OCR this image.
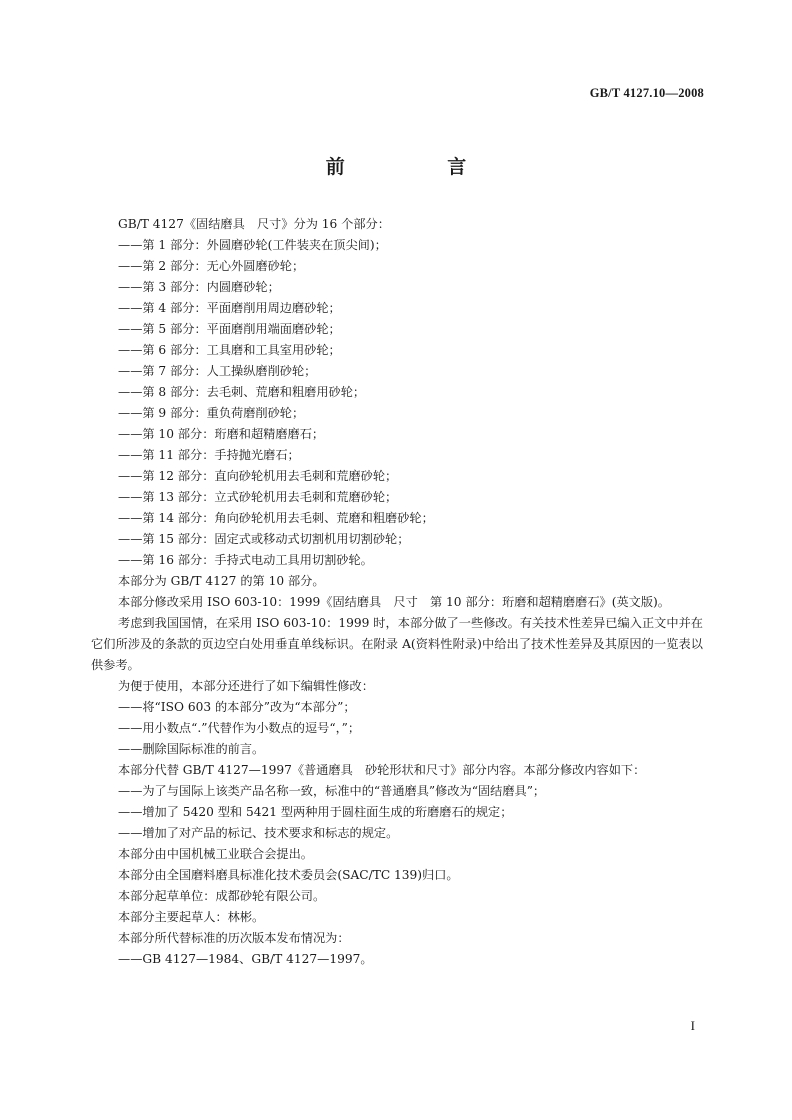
GB/T 4127.10—2008
前 言
GB/T 4127《固结磨具　尺寸》分为 16 个部分：
——第 1 部分：外圆磨砂轮(工件装夹在顶尖间)；
——第 2 部分：无心外圆磨砂轮；
——第 3 部分：内圆磨砂轮；
——第 4 部分：平面磨削用周边磨砂轮；
——第 5 部分：平面磨削用端面磨砂轮；
——第 6 部分：工具磨和工具室用砂轮；
——第 7 部分：人工操纵磨削砂轮；
——第 8 部分：去毛刺、荒磨和粗磨用砂轮；
——第 9 部分：重负荷磨削砂轮；
——第 10 部分：珩磨和超精磨磨石；
——第 11 部分：手持抛光磨石；
——第 12 部分：直向砂轮机用去毛刺和荒磨砂轮；
——第 13 部分：立式砂轮机用去毛刺和荒磨砂轮；
——第 14 部分：角向砂轮机用去毛刺、荒磨和粗磨砂轮；
——第 15 部分：固定式或移动式切割机用切割砂轮；
——第 16 部分：手持式电动工具用切割砂轮。
本部分为 GB/T 4127 的第 10 部分。
本部分修改采用 ISO 603-10：1999《固结磨具　尺寸　第 10 部分：珩磨和超精磨磨石》(英文版)。
考虑到我国国情，在采用 ISO 603-10：1999 时，本部分做了一些修改。有关技术性差异已编入正文中并在它们所涉及的条款的页边空白处用垂直单线标识。在附录 A(资料性附录)中给出了技术性差异及其原因的一览表以供参考。
为便于使用，本部分还进行了如下编辑性修改：
——将“ISO 603 的本部分”改为“本部分”；
——用小数点“.”代替作为小数点的逗号“，”；
——删除国际标准的前言。
本部分代替 GB/T 4127—1997《普通磨具　砂轮形状和尺寸》部分内容。本部分修改内容如下：
——为了与国际上该类产品名称一致，标准中的“普通磨具”修改为“固结磨具”；
——增加了 5420 型和 5421 型两种用于圆柱面生成的珩磨磨石的规定；
——增加了对产品的标记、技术要求和标志的规定。
本部分由中国机械工业联合会提出。
本部分由全国磨料磨具标准化技术委员会(SAC/TC 139)归口。
本部分起草单位：成都砂轮有限公司。
本部分主要起草人：林彬。
本部分所代替标准的历次版本发布情况为：
——GB 4127—1984、GB/T 4127—1997。
I
